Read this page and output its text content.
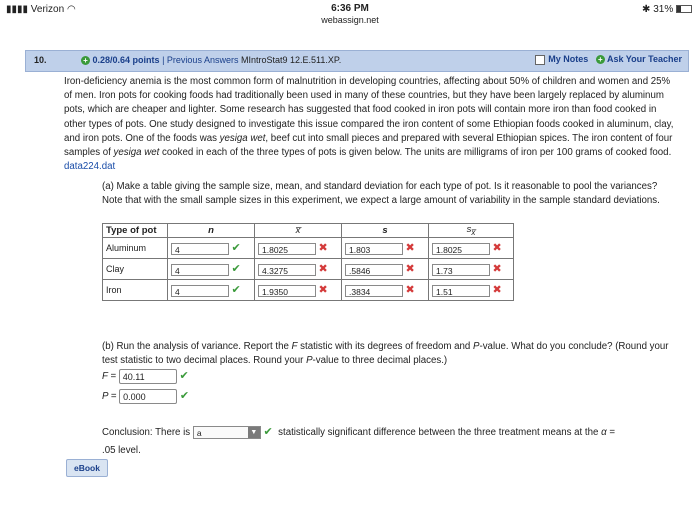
▮▮▮▮ Verizon ◠	6:36 PM
webassign.net
✱ 31%
10.	+ 0.28/0.64 points | Previous Answers MIntroStat9 12.E.511.XP.	My Notes + Ask Your Teacher

Iron-deficiency anemia is the most common form of malnutrition in developing countries, affecting about 50% of children and women and 25% of men. Iron pots for cooking foods had traditionally been used in many of these countries, but they have been largely replaced by aluminum pots, which are cheaper and lighter. Some research has suggested that food cooked in iron pots will contain more iron than food cooked in other types of pots. One study designed to investigate this issue compared the iron content of some Ethiopian foods cooked in aluminum, clay, and iron pots. One of the foods was yesiga wet, beef cut into small pieces and prepared with several Ethiopian spices. The iron content of four samples of yesiga wet cooked in each of the three types of pots is given below. The units are milligrams of iron per 100 grams of cooked food. data224.dat

(a) Make a table giving the sample size, mean, and standard deviation for each type of pot. Is it reasonable to pool the variances? Note that with the small sample sizes in this experiment, we expect a large amount of variability in the sample standard deviations.
Type of pot	n	x̅	s	$s_{x̅}$
Aluminum	4 ✔	1.8025 ✖	1.803 ✖	1.8025 ✖
Clay	4 ✔	4.3275 ✖	.5846 ✖	1.73 ✖
Iron	4 ✔	1.9350 ✖	.3834 ✖	1.51 ✖
(b) Run the analysis of variance. Report the F statistic with its degrees of freedom and P-value. What do you conclude? (Round your test statistic to two decimal places. Round your P-value to three decimal places.)
F = 40.11	✔
P = 0.000	✔
Conclusion: There is a	▼ ✔ statistically significant difference between the three treatment means at the α =
.05 level.
eBook
